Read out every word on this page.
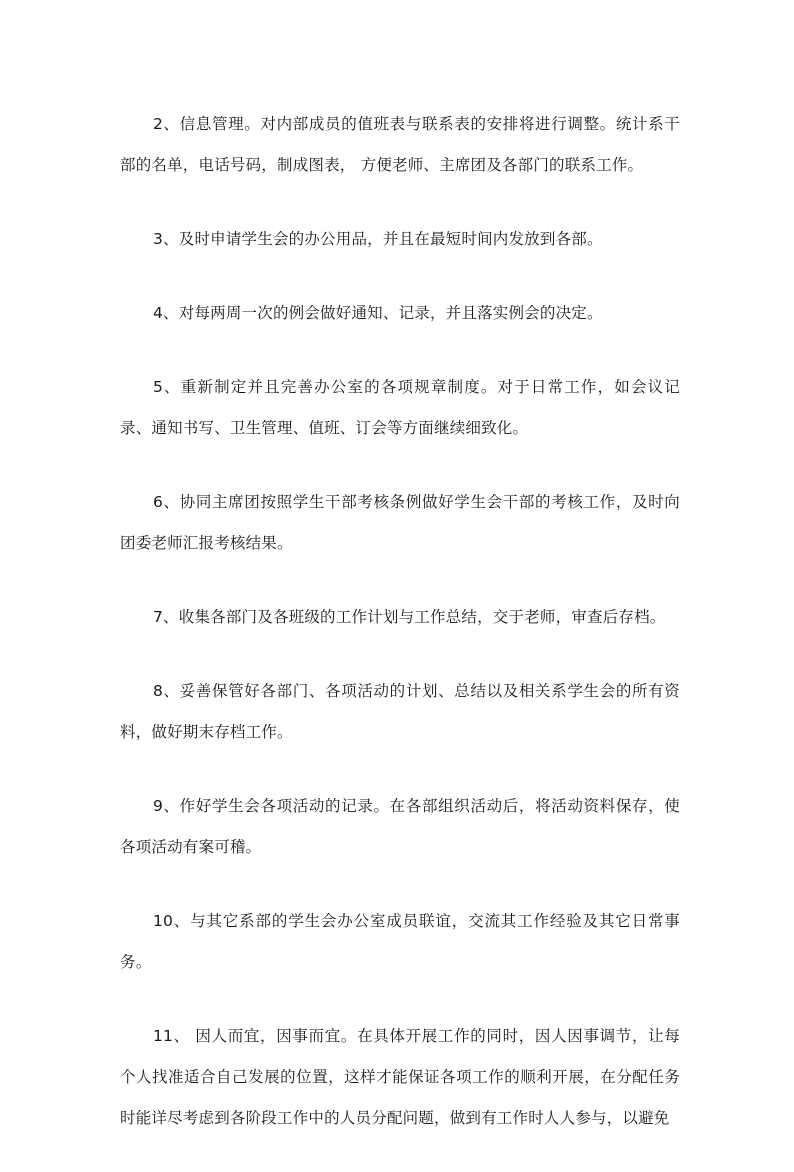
2、信息管理。对内部成员的值班表与联系表的安排将进行调整。统计系干部的名单，电话号码，制成图表， 方便老师、主席团及各部门的联系工作。

3、及时申请学生会的办公用品，并且在最短时间内发放到各部。

4、对每两周一次的例会做好通知、记录，并且落实例会的决定。

5、重新制定并且完善办公室的各项规章制度。对于日常工作，如会议记录、通知书写、卫生管理、值班、订会等方面继续细致化。

6、协同主席团按照学生干部考核条例做好学生会干部的考核工作，及时向团委老师汇报考核结果。

7、收集各部门及各班级的工作计划与工作总结，交于老师，审查后存档。

8、妥善保管好各部门、各项活动的计划、总结以及相关系学生会的所有资料，做好期末存档工作。

9、作好学生会各项活动的记录。在各部组织活动后，将活动资料保存，使各项活动有案可稽。

10、与其它系部的学生会办公室成员联谊，交流其工作经验及其它日常事务。

11、 因人而宜，因事而宜。在具体开展工作的同时，因人因事调节，让每个人找准适合自己发展的位置，这样才能保证各项工作的顺利开展，在分配任务时能详尽考虑到各阶段工作中的人员分配问题，做到有工作时人人参与，以避免
